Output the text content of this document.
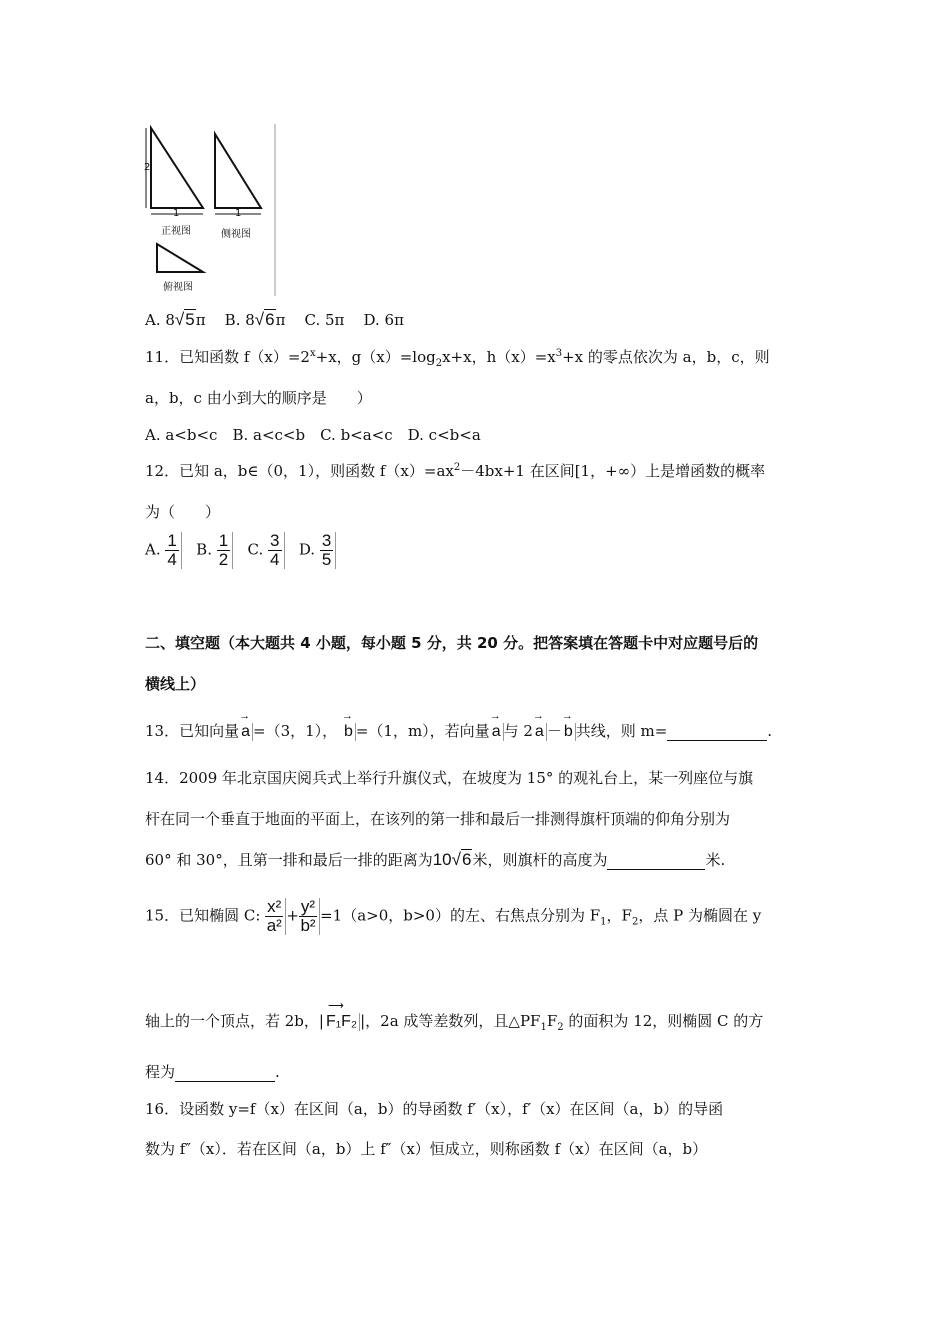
2
1	1
正视图	侧视图
俯视图
A. 8√5π B. 8√6π C. 5π D. 6π
11．已知函数 $f(x)=2^x+x$，$g(x)=\log_2x+x$，$h(x)=x^3+x$ 的零点依次为 a，b，c，则
a，b，c 由小到大的顺序是　　）
A. a<b<c　B. a<c<b　C. b<a<c　D. c<b<a
12．已知 a，b∈（0，1），则函数 $f(x)=ax^2-4bx+1$ 在区间[1，+∞）上是增函数的概率
为（　　）
A. $\frac{1}{4} B$. $\frac{1}{2} C$. $\frac{3}{4} D$. $\frac{3}{5}$
二、填空题（本大题共 4 小题，每小题 5 分，共 20 分。把答案填在答题卡中对应题号后的
横线上）
13．已知向量
→
a =（3，1），
→
b =（1，m），若向量
→
a 与 2
→
a －
→
b 共线，则 m=	.
14．2009 年北京国庆阅兵式上举行升旗仪式，在坡度为 15° 的观礼台上，某一列座位与旗
杆在同一个垂直于地面的平面上，在该列的第一排和最后一排测得旗杆顶端的仰角分别为
60° 和 30°，且第一排和最后一排的距离为10√6米，则旗杆的高度为	米.
15．已知椭圆 C: $\frac{\text{x²}}{\text{a²}} + \frac{\text{y²}}{\text{b²}} =1(a>0$，b>0）的左、右焦点分别为 $F_1$，$F_2$，点 P 为椭圆在 y
轴上的一个顶点，若 2b，|
⟶
F₁F₂ |，2a 成等差数列，且$\triangle PF_1F_2$ 的面积为 12，则椭圆 C 的方
程为	.
16．设函数 y=f（x）在区间（a，b）的导函数 f′（x），f′（x）在区间（a，b）的导函
数为 f″（x）．若在区间（a，b）上 f″（x）恒成立，则称函数 f（x）在区间（a，b）
